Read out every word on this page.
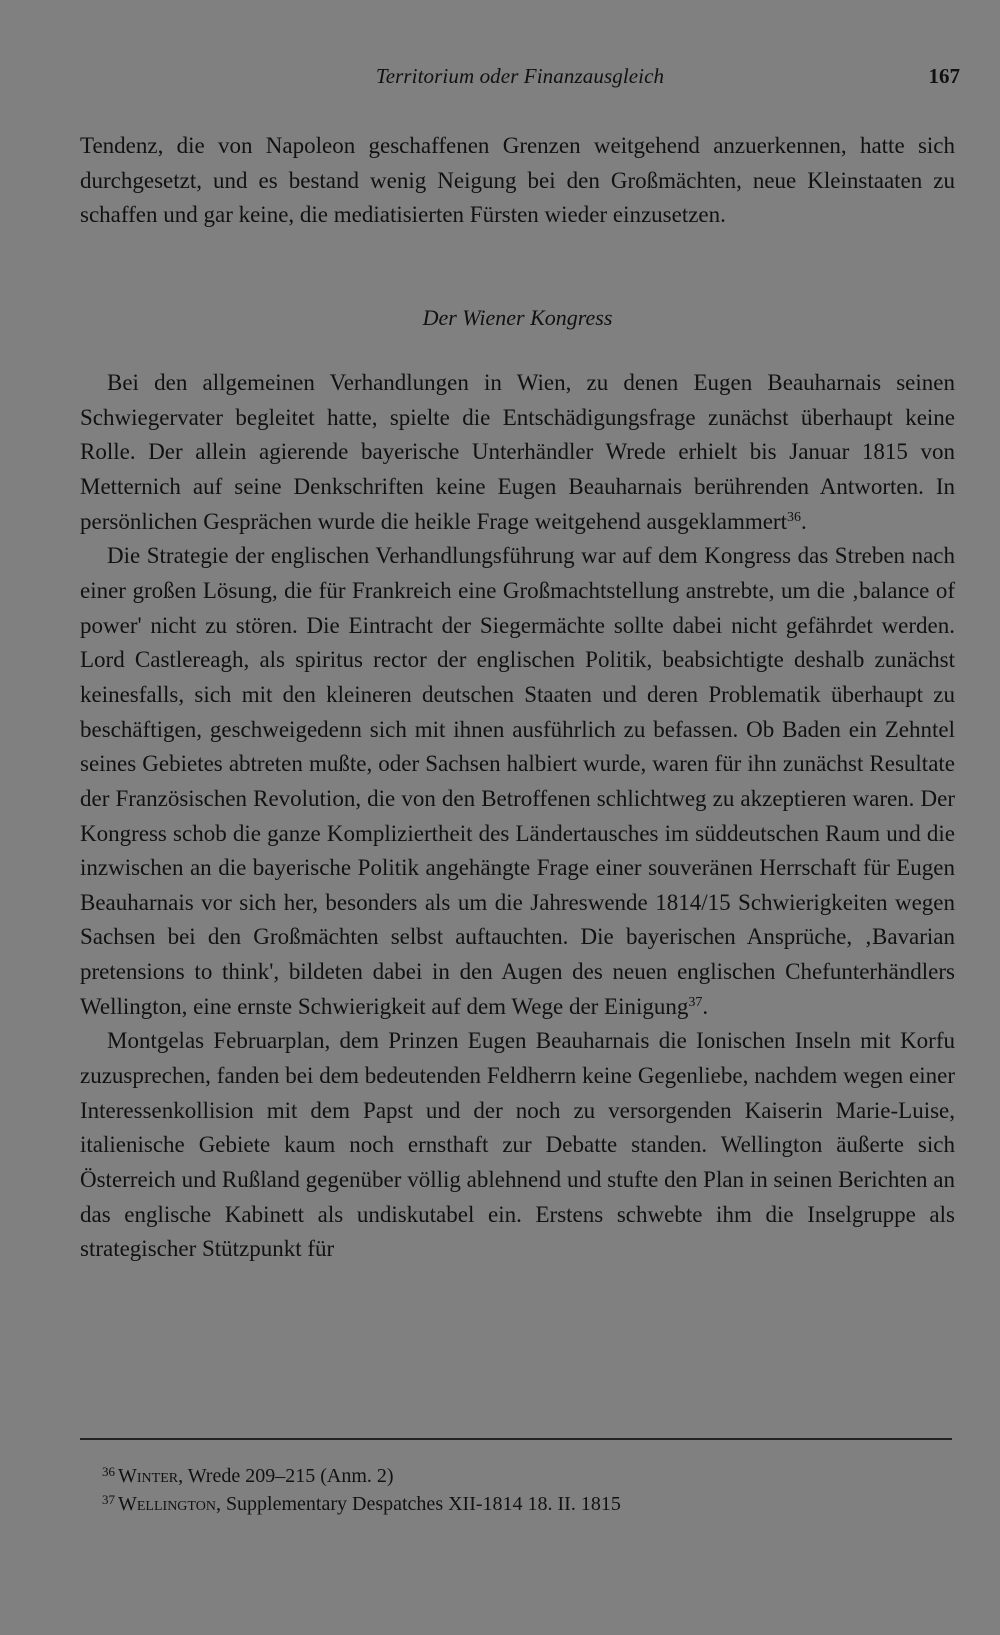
Territorium oder Finanzausgleich	167

Tendenz, die von Napoleon geschaffenen Grenzen weitgehend anzuerkennen, hatte sich durchgesetzt, und es bestand wenig Neigung bei den Großmächten, neue Kleinstaaten zu schaffen und gar keine, die mediatisierten Fürsten wieder einzusetzen.

Der Wiener Kongress

Bei den allgemeinen Verhandlungen in Wien, zu denen Eugen Beauharnais seinen Schwiegervater begleitet hatte, spielte die Entschädigungsfrage zunächst überhaupt keine Rolle. Der allein agierende bayerische Unterhändler Wrede erhielt bis Januar 1815 von Metternich auf seine Denkschriften keine Eugen Beauharnais berührenden Antworten. In persönlichen Gesprächen wurde die heikle Frage weitgehend ausgeklammert$^{36}$.

Die Strategie der englischen Verhandlungsführung war auf dem Kongress das Streben nach einer großen Lösung, die für Frankreich eine Großmachtstellung anstrebte, um die ‚balance of power' nicht zu stören. Die Eintracht der Siegermächte sollte dabei nicht gefährdet werden. Lord Castlereagh, als spiritus rector der englischen Politik, beabsichtigte deshalb zunächst keinesfalls, sich mit den kleineren deutschen Staaten und deren Problematik überhaupt zu beschäftigen, geschweigedenn sich mit ihnen ausführlich zu befassen. Ob Baden ein Zehntel seines Gebietes abtreten mußte, oder Sachsen halbiert wurde, waren für ihn zunächst Resultate der Französischen Revolution, die von den Betroffenen schlichtweg zu akzeptieren waren. Der Kongress schob die ganze Kompliziertheit des Ländertausches im süddeutschen Raum und die inzwischen an die bayerische Politik angehängte Frage einer souveränen Herrschaft für Eugen Beauharnais vor sich her, besonders als um die Jahreswende 1814/15 Schwierigkeiten wegen Sachsen bei den Großmächten selbst auftauchten. Die bayerischen Ansprüche, ‚Bavarian pretensions to think', bildeten dabei in den Augen des neuen englischen Chefunterhändlers Wellington, eine ernste Schwierigkeit auf dem Wege der Einigung$^{37}$.

Montgelas Februarplan, dem Prinzen Eugen Beauharnais die Ionischen Inseln mit Korfu zuzusprechen, fanden bei dem bedeutenden Feldherrn keine Gegenliebe, nachdem wegen einer Interessenkollision mit dem Papst und der noch zu versorgenden Kaiserin Marie-Luise, italienische Gebiete kaum noch ernsthaft zur Debatte standen. Wellington äußerte sich Österreich und Rußland gegenüber völlig ablehnend und stufte den Plan in seinen Berichten an das englische Kabinett als undiskutabel ein. Erstens schwebte ihm die Inselgruppe als strategischer Stützpunkt für

$^{36}$ Winter, Wrede 209–215 (Anm. 2)
$^{37}$ Wellington, Supplementary Despatches XII-1814 18. II. 1815
